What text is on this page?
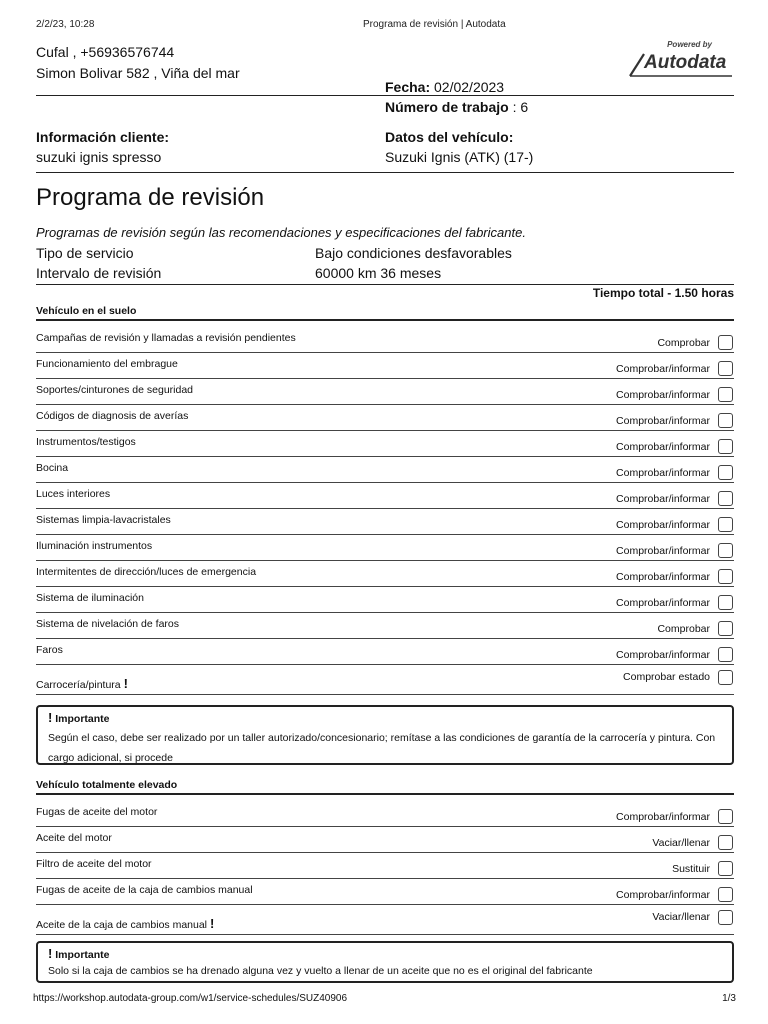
2/2/23, 10:28	Programa de revisión | Autodata
Cufal , +56936576744
Simon Bolivar 582 , Viña del mar
Powered by
Autodata
Fecha: 02/02/2023
Número de trabajo : 6
Información cliente:
suzuki ignis spresso
Datos del vehículo:
Suzuki Ignis (ATK) (17-)
Programa de revisión
Programas de revisión según las recomendaciones y especificaciones del fabricante.
Tipo de servicio	Bajo condiciones desfavorables
Intervalo de revisión	60000 km 36 meses
Tiempo total - 1.50 horas
Vehículo en el suelo
Campañas de revisión y llamadas a revisión pendientes	Comprobar
Funcionamiento del embrague	Comprobar/informar
Soportes/cinturones de seguridad	Comprobar/informar
Códigos de diagnosis de averías	Comprobar/informar
Instrumentos/testigos	Comprobar/informar
Bocina	Comprobar/informar
Luces interiores	Comprobar/informar
Sistemas limpia-lavacristales	Comprobar/informar
Iluminación instrumentos	Comprobar/informar
Intermitentes de dirección/luces de emergencia	Comprobar/informar
Sistema de iluminación	Comprobar/informar
Sistema de nivelación de faros	Comprobar
Faros	Comprobar/informar
Carrocería/pintura !	Comprobar estado
! Importante
Según el caso, debe ser realizado por un taller autorizado/concesionario; remítase a las condiciones de garantía de la carrocería y pintura. Con cargo adicional, si procede
Vehículo totalmente elevado
Fugas de aceite del motor	Comprobar/informar
Aceite del motor	Vaciar/llenar
Filtro de aceite del motor	Sustituir
Fugas de aceite de la caja de cambios manual	Comprobar/informar
Aceite de la caja de cambios manual !	Vaciar/llenar
! Importante
Solo si la caja de cambios se ha drenado alguna vez y vuelto a llenar de un aceite que no es el original del fabricante
https://workshop.autodata-group.com/w1/service-schedules/SUZ40906	1/3
